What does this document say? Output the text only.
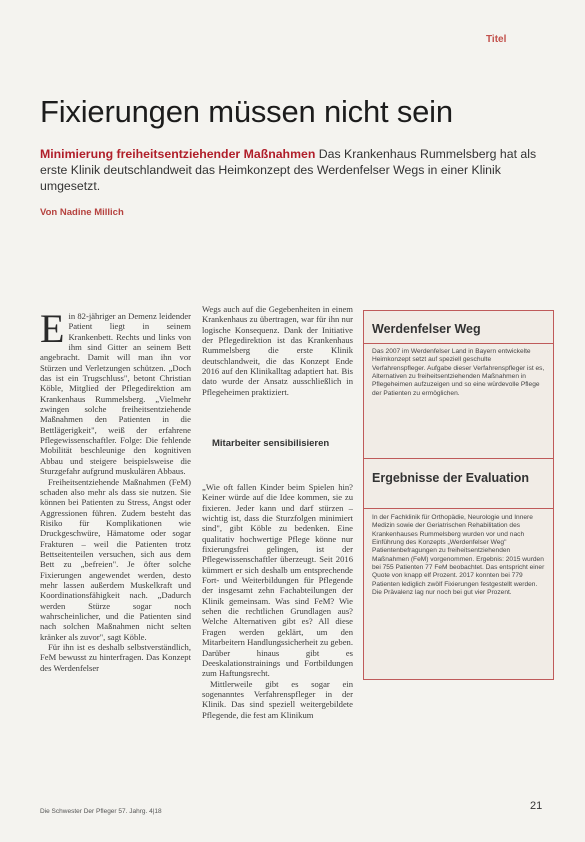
Titel
Fixierungen müssen nicht sein
Minimierung freiheitsentziehender Maßnahmen Das Krankenhaus Rummelsberg hat als erste Klinik deutschlandweit das Heimkonzept des Werdenfelser Wegs in einer Klinik umgesetzt.
Von Nadine Millich

Ein 82-jähriger an Demenz leidender Patient liegt in seinem Krankenbett. Rechts und links von ihm sind Gitter an seinem Bett angebracht. Damit will man ihn vor Stürzen und Verletzungen schützen. „Doch das ist ein Trugschluss", betont Christian Köble, Mitglied der Pflegedirektion am Krankenhaus Rummelsberg. „Vielmehr zwingen solche freiheitsentziehende Maßnahmen den Patienten in die Bettlägerigkeit", weiß der erfahrene Pflegewissenschaftler. Folge: Die fehlende Mobilität beschleunige den kognitiven Abbau und steigere beispielsweise die Sturzgefahr aufgrund muskulären Abbaus.

Freiheitsentziehende Maßnahmen (FeM) schaden also mehr als dass sie nutzen. Sie können bei Patienten zu Stress, Angst oder Aggressionen führen. Zudem besteht das Risiko für Komplikationen wie Druckgeschwüre, Hämatome oder sogar Frakturen – weil die Patienten trotz Bettseitenteilen versuchen, sich aus dem Bett zu „befreien". Je öfter solche Fixierungen angewendet werden, desto mehr lassen außerdem Muskelkraft und Koordinationsfähigkeit nach. „Dadurch werden Stürze sogar noch wahrscheinlicher, und die Patienten sind nach solchen Maßnahmen nicht selten kränker als zuvor", sagt Köble.

Für ihn ist es deshalb selbstverständlich, FeM bewusst zu hinterfragen. Das Konzept des Werdenfelser

Wegs auch auf die Gegebenheiten in einem Krankenhaus zu übertragen, war für ihn nur logische Konsequenz. Dank der Initiative der Pflegedirektion ist das Krankenhaus Rummelsberg die erste Klinik deutschlandweit, die das Konzept Ende 2016 auf den Klinikalltag adaptiert hat. Bis dato wurde der Ansatz ausschließlich in Pflegeheimen praktiziert.

Mitarbeiter sensibilisieren

„Wie oft fallen Kinder beim Spielen hin? Keiner würde auf die Idee kommen, sie zu fixieren. Jeder kann und darf stürzen – wichtig ist, dass die Sturzfolgen minimiert sind", gibt Köble zu bedenken. Eine qualitativ hochwertige Pflege könne nur fixierungsfrei gelingen, ist der Pflegewissenschaftler überzeugt. Seit 2016 kümmert er sich deshalb um entsprechende Fort- und Weiterbildungen für Pflegende der insgesamt zehn Fachabteilungen der Klinik gemeinsam. Was sind FeM? Wie sehen die rechtlichen Grundlagen aus? Welche Alternativen gibt es? All diese Fragen werden geklärt, um den Mitarbeitern Handlungssicherheit zu geben. Darüber hinaus gibt es Deeskalationstrainings und Fortbildungen zum Haftungsrecht.

Mittlerweile gibt es sogar ein sogenanntes Verfahrenspfleger in der Klinik. Das sind speziell weitergebildete Pflegende, die fest am Klinikum

Werdenfelser Weg
Das 2007 im Werdenfelser Land in Bayern entwickelte Heimkonzept setzt auf speziell geschulte Verfahrenspfleger. Aufgabe dieser Verfahrenspfleger ist es, Alternativen zu freiheitsentziehenden Maßnahmen in Pflegeheimen aufzuzeigen und so eine würdevolle Pflege der Patienten zu ermöglichen.
Ergebnisse der Evaluation
In der Fachklinik für Orthopädie, Neurologie und Innere Medizin sowie der Geriatrischen Rehabilitation des Krankenhauses Rummelsberg wurden vor und nach Einführung des Konzepts „Werdenfelser Weg" Patientenbefragungen zu freiheitsentziehenden Maßnahmen (FeM) vorgenommen. Ergebnis: 2015 wurden bei 755 Patienten 77 FeM beobachtet. Das entspricht einer Quote von knapp elf Prozent. 2017 konnten bei 779 Patienten lediglich zwölf Fixierungen festgestellt werden. Die Prävalenz lag nur noch bei gut vier Prozent.
Die Schwester Der Pfleger 57. Jahrg. 4|18	21
